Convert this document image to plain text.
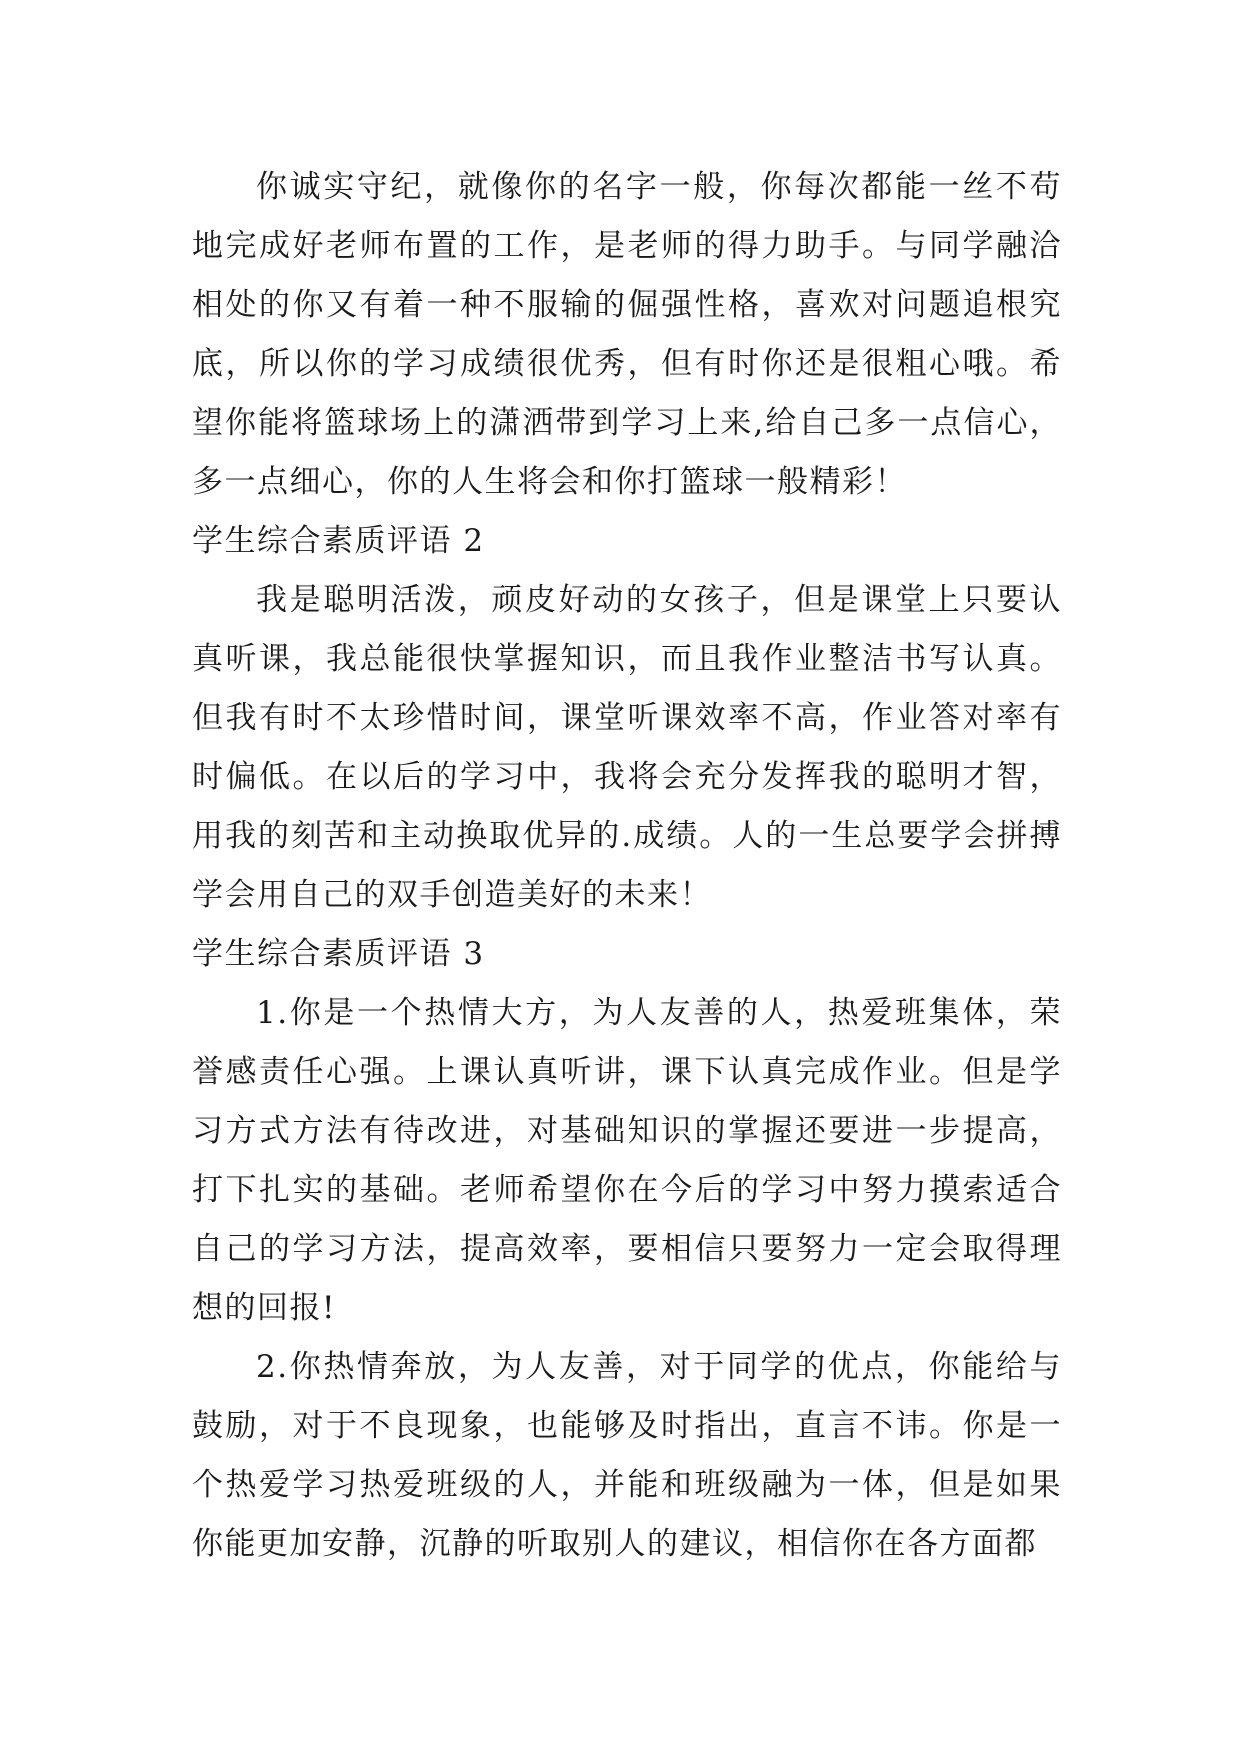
你诚实守纪，就像你的名字一般，你每次都能一丝不苟地完成好老师布置的工作，是老师的得力助手。与同学融洽相处的你又有着一种不服输的倔强性格，喜欢对问题追根究底，所以你的学习成绩很优秀，但有时你还是很粗心哦。希望你能将篮球场上的潇洒带到学习上来,给自己多一点信心，多一点细心，你的人生将会和你打篮球一般精彩！

学生综合素质评语 2

我是聪明活泼，顽皮好动的女孩子，但是课堂上只要认真听课，我总能很快掌握知识，而且我作业整洁书写认真。但我有时不太珍惜时间，课堂听课效率不高，作业答对率有时偏低。在以后的学习中，我将会充分发挥我的聪明才智，用我的刻苦和主动换取优异的.成绩。人的一生总要学会拼搏学会用自己的双手创造美好的未来！

学生综合素质评语 3

1.你是一个热情大方，为人友善的人，热爱班集体，荣誉感责任心强。上课认真听讲，课下认真完成作业。但是学习方式方法有待改进，对基础知识的掌握还要进一步提高，打下扎实的基础。老师希望你在今后的学习中努力摸索适合自己的学习方法，提高效率，要相信只要努力一定会取得理想的回报!

2.你热情奔放，为人友善，对于同学的优点，你能给与鼓励，对于不良现象，也能够及时指出，直言不讳。你是一个热爱学习热爱班级的人，并能和班级融为一体，但是如果你能更加安静，沉静的听取别人的建议，相信你在各方面都
